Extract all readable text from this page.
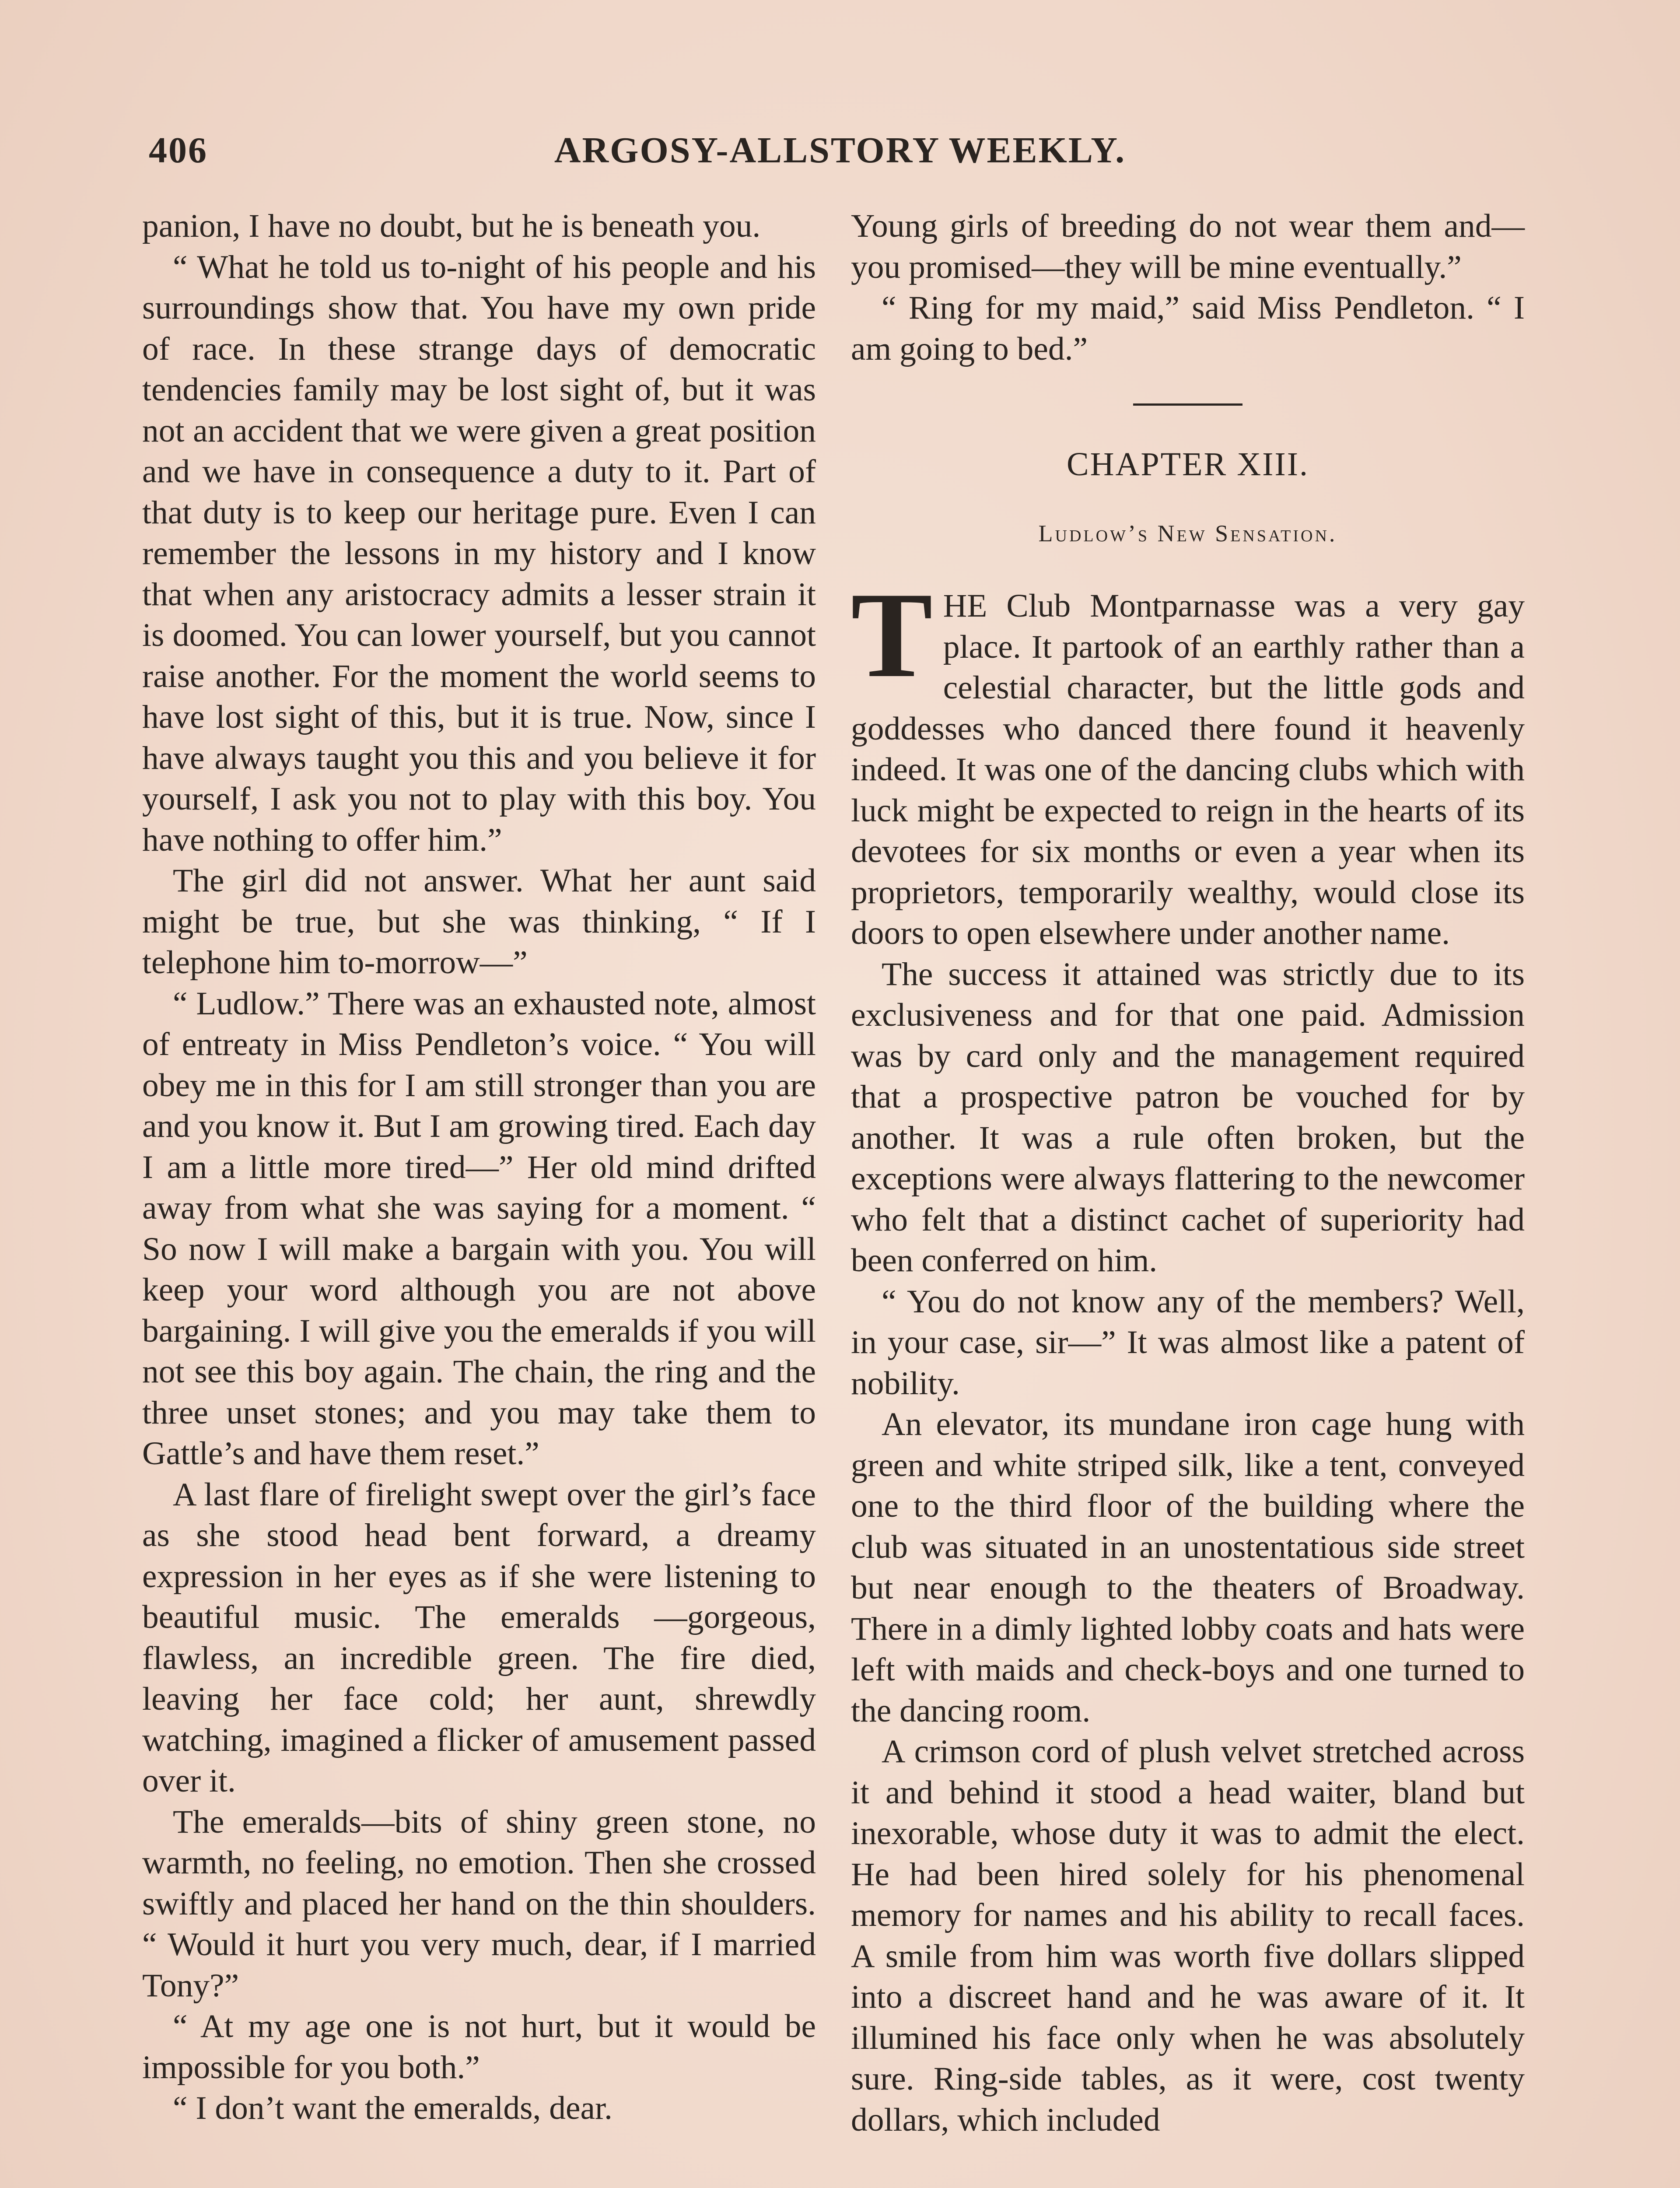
406	ARGOSY-ALLSTORY WEEKLY.

panion, I have no doubt, but he is beneath you.

“ What he told us to-night of his people and his surroundings show that. You have my own pride of race. In these strange days of democratic tendencies family may be lost sight of, but it was not an accident that we were given a great position and we have in consequence a duty to it. Part of that duty is to keep our heritage pure. Even I can remember the lessons in my history and I know that when any aristocracy admits a lesser strain it is doomed. You can lower yourself, but you cannot raise another. For the moment the world seems to have lost sight of this, but it is true. Now, since I have always taught you this and you believe it for yourself, I ask you not to play with this boy. You have nothing to offer him.”

The girl did not answer. What her aunt said might be true, but she was thinking, “ If I telephone him to-morrow—”

“ Ludlow.” There was an exhausted note, almost of entreaty in Miss Pendleton’s voice. “ You will obey me in this for I am still stronger than you are and you know it. But I am growing tired. Each day I am a little more tired—” Her old mind drifted away from what she was saying for a moment. “ So now I will make a bargain with you. You will keep your word although you are not above bargaining. I will give you the emeralds if you will not see this boy again. The chain, the ring and the three unset stones; and you may take them to Gattle’s and have them reset.”

A last flare of firelight swept over the girl’s face as she stood head bent forward, a dreamy expression in her eyes as if she were listening to beautiful music. The emeralds —gorgeous, flawless, an incredible green. The fire died, leaving her face cold; her aunt, shrewdly watching, imagined a flicker of amusement passed over it.

The emeralds—bits of shiny green stone, no warmth, no feeling, no emotion. Then she crossed swiftly and placed her hand on the thin shoulders. “ Would it hurt you very much, dear, if I married Tony?”

“ At my age one is not hurt, but it would be impossible for you both.”

“ I don’t want the emeralds, dear.

Young girls of breeding do not wear them and—you promised—they will be mine eventually.”

“ Ring for my maid,” said Miss Pendleton. “ I am going to bed.”

CHAPTER XIII.
Ludlow’s New Sensation.
T HE Club Montparnasse was a very gay place. It partook of an earthly rather than a celestial character, but the little gods and goddesses who danced there found it heavenly indeed. It was one of the dancing clubs which with luck might be expected to reign in the hearts of its devotees for six months or even a year when its proprietors, temporarily wealthy, would close its doors to open elsewhere under another name.

The success it attained was strictly due to its exclusiveness and for that one paid. Admission was by card only and the management required that a prospective patron be vouched for by another. It was a rule often broken, but the exceptions were always flattering to the newcomer who felt that a distinct cachet of superiority had been conferred on him.

“ You do not know any of the members? Well, in your case, sir—” It was almost like a patent of nobility.

An elevator, its mundane iron cage hung with green and white striped silk, like a tent, conveyed one to the third floor of the building where the club was situated in an unostentatious side street but near enough to the theaters of Broadway. There in a dimly lighted lobby coats and hats were left with maids and check-boys and one turned to the dancing room.

A crimson cord of plush velvet stretched across it and behind it stood a head waiter, bland but inexorable, whose duty it was to admit the elect. He had been hired solely for his phenomenal memory for names and his ability to recall faces. A smile from him was worth five dollars slipped into a discreet hand and he was aware of it. It illumined his face only when he was absolutely sure. Ring-side tables, as it were, cost twenty dollars, which included
